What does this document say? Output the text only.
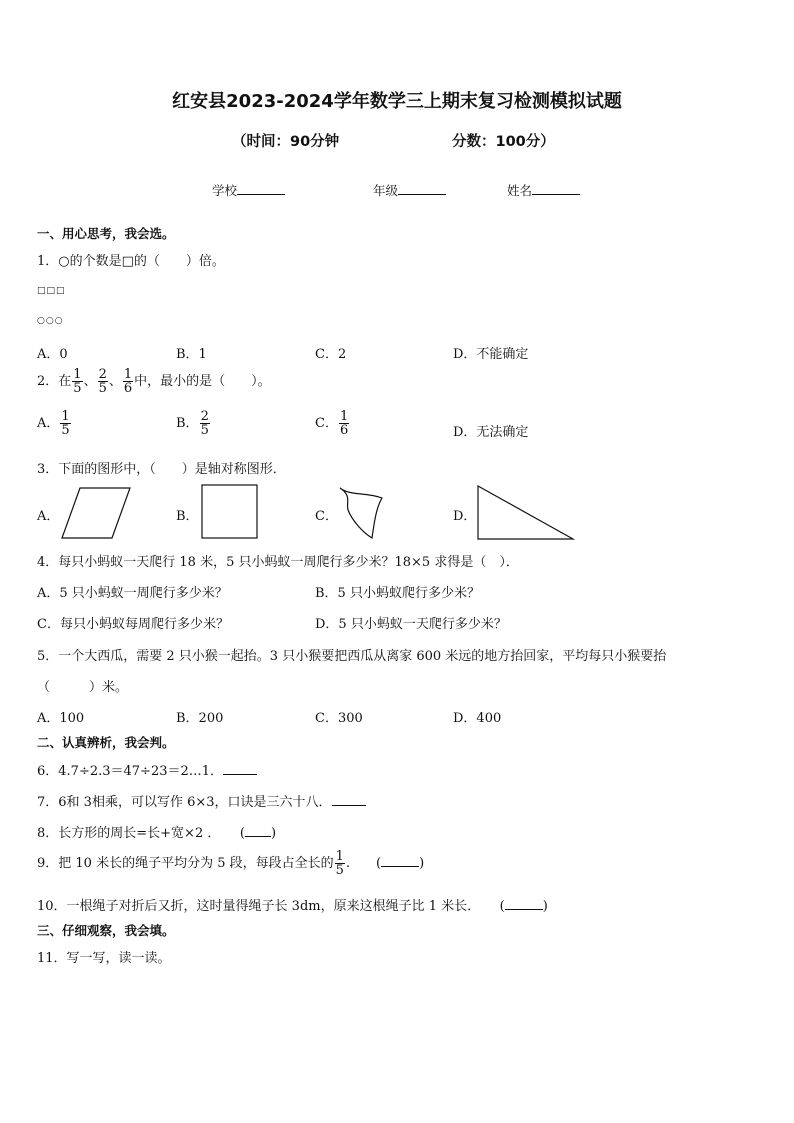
红安县2023-2024学年数学三上期末复习检测模拟试题
（时间：90分钟	分数：100分）
学校	年级	姓名
一、用心思考，我会选。
1．○的个数是□的（　　）倍。
□□□
○○○
A．0	B．1	C．2	D．不能确定
2．在 $\frac{1}{5}$ 、 $\frac{2}{5}$ 、 $\frac{1}{6}$ 中，最小的是（　　）。
A． $\frac{1}{5}$	B． $\frac{2}{5}$	C． $\frac{1}{6}$	D．无法确定
3．下面的图形中，（　　）是轴对称图形．
A．	B．	C．	D．
4．每只小蚂蚁一天爬行 18 米，5 只小蚂蚁一周爬行多少米？18×5 求得是（　）．
A．5 只小蚂蚁一周爬行多少米？	B．5 只小蚂蚁爬行多少米？
C．每只小蚂蚁每周爬行多少米？	D．5 只小蚂蚁一天爬行多少米？
5．一个大西瓜，需要 2 只小猴一起抬。3 只小猴要把西瓜从离家 600 米远的地方抬回家，平均每只小猴要抬
（　　　）米。
A．100	B．200	C．300	D．400
二、认真辨析，我会判。
6．4.7÷2.3＝47÷23＝2…1．
7．6和 3相乘，可以写作 6×3，口诀是三六十八．
8．长方形的周长=长+宽×2 ．　　( )
9．把 10 米长的绳子平均分为 5 段，每段占全长的 $\frac{1}{5}$ .　　(	)
10．一根绳子对折后又折，这时量得绳子长 3dm，原来这根绳子比 1 米长．　　(	)
三、仔细观察，我会填。
11．写一写，读一读。
